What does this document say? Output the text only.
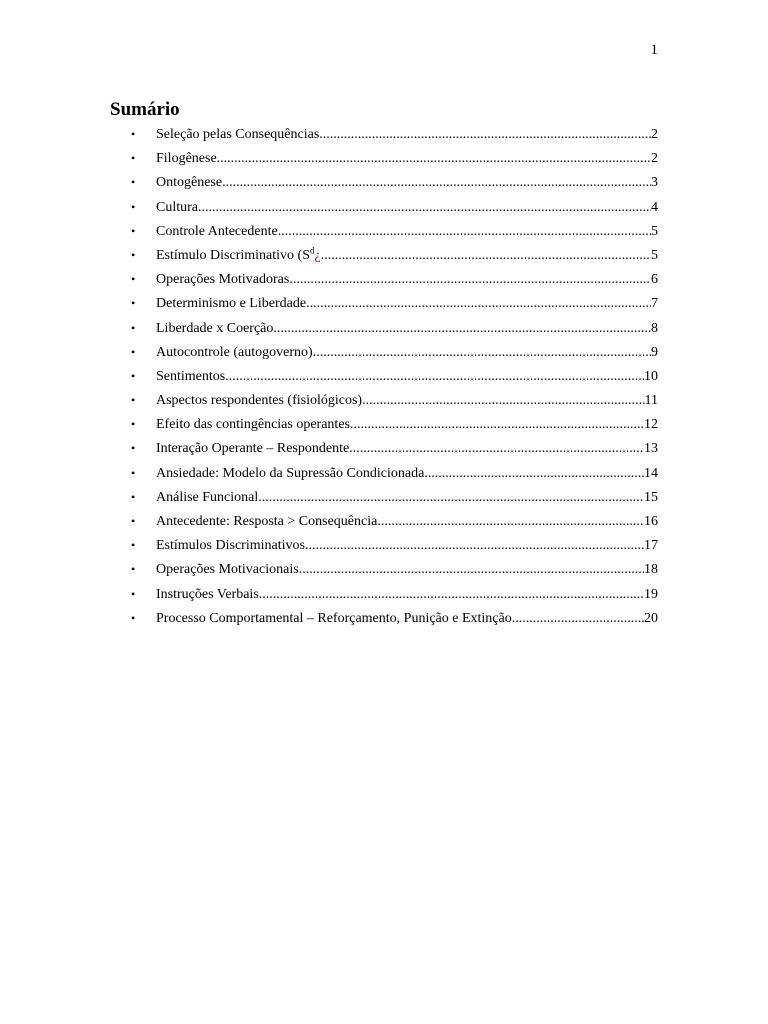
1
Sumário
•	Seleção pelas Consequências .....	2
•	Filogênese .....	2
•	Ontogênese .....	3
•	Cultura .....	4
•	Controle Antecedente .....	5
•	Estímulo Discriminativo ($S^d¿$ .....	5
•	Operações Motivadoras .....	6
•	Determinismo e Liberdade .....	7
•	Liberdade x Coerção .....	8
•	Autocontrole (autogoverno) .....	9
•	Sentimentos .....	10
•	Aspectos respondentes (fisiológicos) .....	11
•	Efeito das contingências operantes .....	12
•	Interação Operante – Respondente .....	13
•	Ansiedade: Modelo da Supressão Condicionada .....	14
•	Análise Funcional .....	15
•	Antecedente: Resposta > Consequência .....	16
•	Estímulos Discriminativos .....	17
•	Operações Motivacionais .....	18
•	Instruções Verbais .....	19
•	Processo Comportamental – Reforçamento, Punição e Extinção .....	20
